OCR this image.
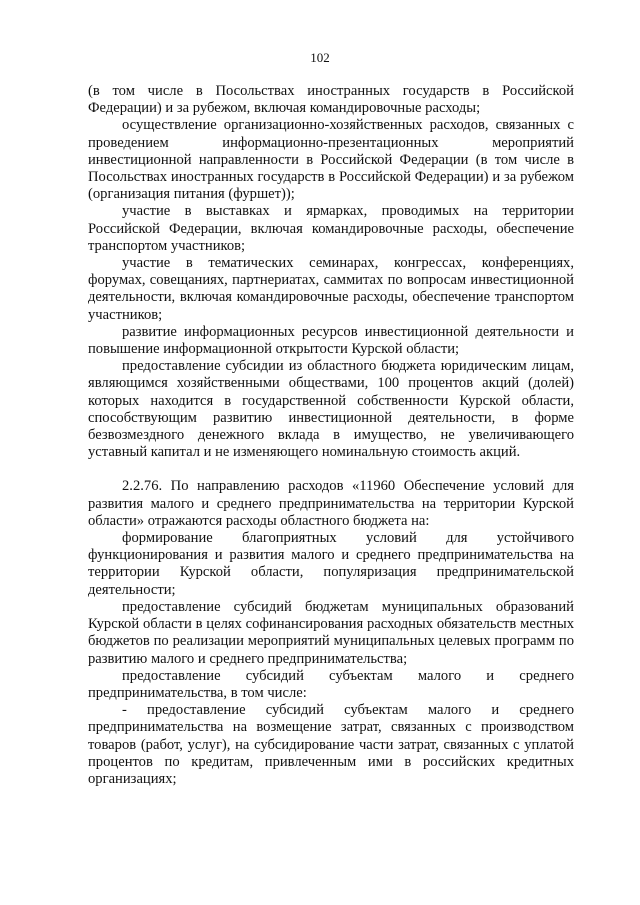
102

(в том числе в Посольствах иностранных государств в Российской Федерации) и за рубежом, включая командировочные расходы;

осуществление организационно-хозяйственных расходов, связанных с проведением информационно-презентационных мероприятий инвестиционной направленности в Российской Федерации (в том числе в Посольствах иностранных государств в Российской Федерации) и за рубежом (организация питания (фуршет));

участие в выставках и ярмарках, проводимых на территории Российской Федерации, включая командировочные расходы, обеспечение транспортом участников;

участие в тематических семинарах, конгрессах, конференциях, форумах, совещаниях, партнериатах, саммитах по вопросам инвестиционной деятельности, включая командировочные расходы, обеспечение транспортом участников;

развитие информационных ресурсов инвестиционной деятельности и повышение информационной открытости Курской области;

предоставление субсидии из областного бюджета юридическим лицам, являющимся хозяйственными обществами, 100 процентов акций (долей) которых находится в государственной собственности Курской области, способствующим развитию инвестиционной деятельности, в форме безвозмездного денежного вклада в имущество, не увеличивающего уставный капитал и не изменяющего номинальную стоимость акций.

2.2.76. По направлению расходов «11960 Обеспечение условий для развития малого и среднего предпринимательства на территории Курской области» отражаются расходы областного бюджета на:

формирование благоприятных условий для устойчивого функционирования и развития малого и среднего предпринимательства на территории Курской области, популяризация предпринимательской деятельности;

предоставление субсидий бюджетам муниципальных образований Курской области в целях софинансирования расходных обязательств местных бюджетов по реализации мероприятий муниципальных целевых программ по развитию малого и среднего предпринимательства;

предоставление субсидий субъектам малого и среднего предпринимательства, в том числе:

- предоставление субсидий субъектам малого и среднего предпринимательства на возмещение затрат, связанных с производством товаров (работ, услуг), на субсидирование части затрат, связанных с уплатой процентов по кредитам, привлеченным ими в российских кредитных организациях;
